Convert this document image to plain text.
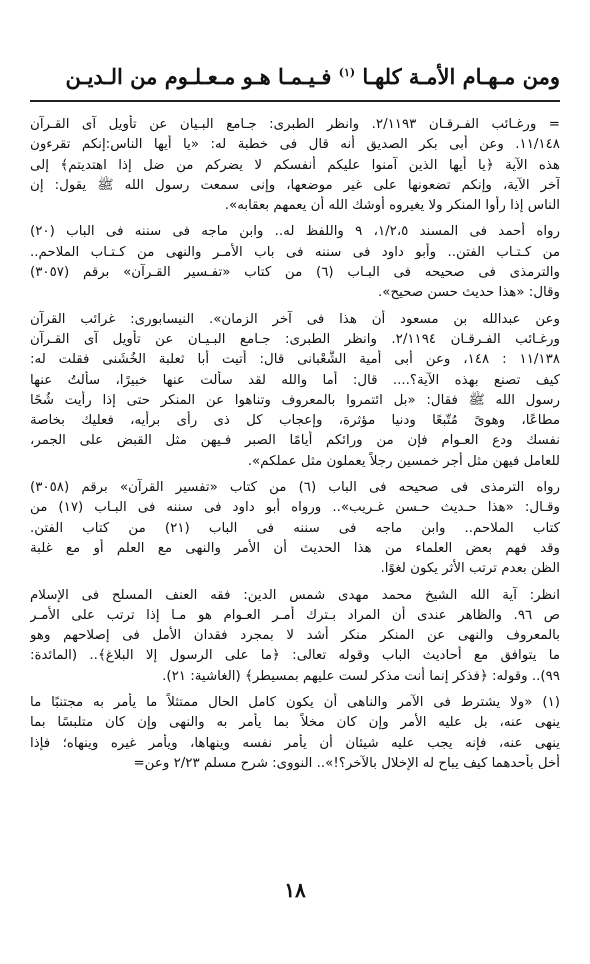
ومن مـهـام الأمـة كلهـا $^{(١)}$ فـيـمـا هـو مـعـلـوم من الـديـن

= ورغـائب الفـرقـان ٢/١١٩٣. وانظر الطبرى: جـامع البـيان عن تأويل آى القـرآن
١١/١٤٨. وعن أبى بكر الصديق أنه قال فى خطبة له: «يا أيها الناس:إنكم تقرءون
هذه الآية ﴿يا أيها الذين آمنوا عليكم أنفسكم لا يضركم من ضل إذا اهتديتم﴾ إلى
آخر الآية، وإنكم تضعونها على غير موضعها، وإنى سمعت رسول الله ﷺ يقول: إن
الناس إذا رأوا المنكر ولا يغيروه أوشك الله أن يعمهم بعقابه».

رواه أحمد فى المسند ١/٢،٥، ٩ واللفظ له.. وابن ماجه فى سننه فى الباب (٢٠)
من كـتـاب الفتن.. وأبو داود فى سننه فى باب الأمـر والنهى من كـتـاب الملاحم..
والترمذى فى صحيحه فى البـاب (٦) من كتاب «تفـسير القـرآن» برقم (٣٠٥٧)
وقال: «هذا حديث حسن صحيح».

وعن عبدالله بن مسعود أن هذا فى آخر الزمان». النيسابورى: غرائب القرآن
ورغـائب الفـرقـان ٢/١١٩٤. وانظر الطبرى: جـامع البـيـان عن تأويل آى القـرآن
١١/١٣٨ : ١٤٨، وعن أبى أمية الشَّعْبانى قال: أتيت أبا ثعلبة الخُشَنى فقلت له:
كيف تصنع بهذه الآية؟.... قال: أما والله لقد سألت عنها خبيرًا، سألتُ عنها
رسول الله ﷺ فقال: «بل ائتمروا بالمعروف وتناهوا عن المنكر حتى إذا رأيت شُحًا
مطاعًا، وهوىً مُتّبعًا ودنيا مؤثرة، وإعجاب كل ذى رأى برأيه، فعليك بخاصة
نفسك ودع العـوام فإن من ورائكم أيامًا الصبر فـيهن مثل القبض على الجمر،
للعامل فيهن مثل أجر خمسين رجلاً يعملون مثل عملكم».

رواه الترمذى فى صحيحه فى الباب (٦) من كتاب «تفسير القرآن» برقم (٣٠٥٨)
وقـال: «هذا حـديث حـسن غـريب».. ورواه أبو داود فى سننه فى البـاب (١٧) من
كتاب الملاحم.. وابن ماجه فى سننه فى الباب (٢١) من كتاب الفتن.
وقد فهم بعض العلماء من هذا الحديث أن الأمر والنهى مع العلم أو مع غلبة
الظن بعدم ترتب الأثر يكون لغوًا.

انظر: آية الله الشيخ محمد مهدى شمس الدين: فقه العنف المسلح فى الإسلام
ص ٩٦. والظاهر عندى أن المراد بـترك أمـر العـوام هو مـا إذا ترتب على الأمـر
بالمعروف والنهى عن المنكر منكر أشد لا بمجرد فقدان الأمل فى إصلاحهم وهو
ما يتوافق مع أحاديث الباب وقوله تعالى: ﴿ما على الرسول إلا البلاغ﴾.. (المائدة:
٩٩).. وقوله: ﴿فذكر إنما أنت مذكر لست عليهم بمسيطر﴾ (الغاشية: ٢١).

(١) «ولا يشترط فى الآمر والناهى أن يكون كامل الحال ممتثلاً ما يأمر به مجتنبًا ما
ينهى عنه، بل عليه الأمر وإن كان مخلاً بما يأمر به والنهى وإن كان متلبسًا بما
ينهى عنه، فإنه يجب عليه شيئان أن يأمر نفسه وينهاها، ويأمر غيره وينهاه؛ فإذا
أخل بأحدهما كيف يباح له الإخلال بالآخر؟!».. النووى: شرح مسلم ٢/٢٣ وعن=

١٨
